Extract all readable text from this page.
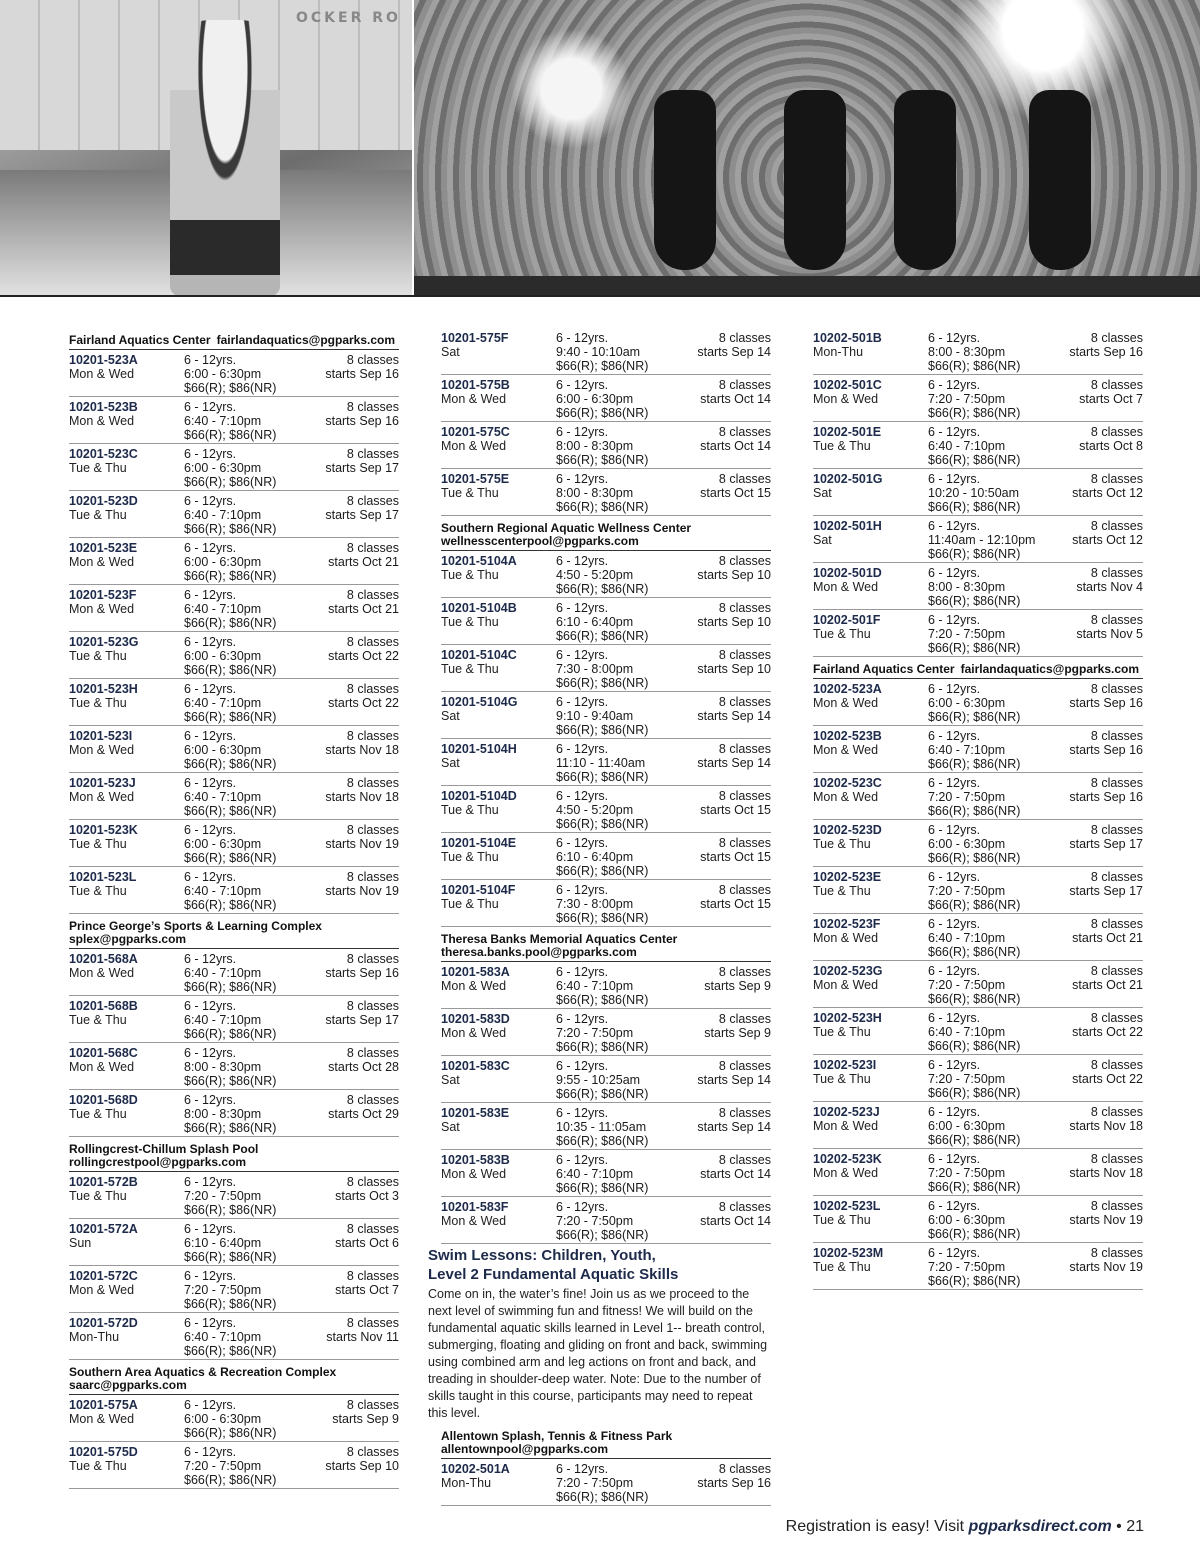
OCKER RO
Fairland Aquatics Center fairlandaquatics@pgparks.com
10201-523A
Mon & Wed
6 - 12yrs.
6:00 - 6:30pm
$66(R); $86(NR)
8 classes
starts Sep 16
10201-523B
Mon & Wed
6 - 12yrs.
6:40 - 7:10pm
$66(R); $86(NR)
8 classes
starts Sep 16
10201-523C
Tue & Thu
6 - 12yrs.
6:00 - 6:30pm
$66(R); $86(NR)
8 classes
starts Sep 17
10201-523D
Tue & Thu
6 - 12yrs.
6:40 - 7:10pm
$66(R); $86(NR)
8 classes
starts Sep 17
10201-523E
Mon & Wed
6 - 12yrs.
6:00 - 6:30pm
$66(R); $86(NR)
8 classes
starts Oct 21
10201-523F
Mon & Wed
6 - 12yrs.
6:40 - 7:10pm
$66(R); $86(NR)
8 classes
starts Oct 21
10201-523G
Tue & Thu
6 - 12yrs.
6:00 - 6:30pm
$66(R); $86(NR)
8 classes
starts Oct 22
10201-523H
Tue & Thu
6 - 12yrs.
6:40 - 7:10pm
$66(R); $86(NR)
8 classes
starts Oct 22
10201-523I
Mon & Wed
6 - 12yrs.
6:00 - 6:30pm
$66(R); $86(NR)
8 classes
starts Nov 18
10201-523J
Mon & Wed
6 - 12yrs.
6:40 - 7:10pm
$66(R); $86(NR)
8 classes
starts Nov 18
10201-523K
Tue & Thu
6 - 12yrs.
6:00 - 6:30pm
$66(R); $86(NR)
8 classes
starts Nov 19
10201-523L
Tue & Thu
6 - 12yrs.
6:40 - 7:10pm
$66(R); $86(NR)
8 classes
starts Nov 19
Prince George’s Sports & Learning Complex
splex@pgparks.com
10201-568A
Mon & Wed
6 - 12yrs.
6:40 - 7:10pm
$66(R); $86(NR)
8 classes
starts Sep 16
10201-568B
Tue & Thu
6 - 12yrs.
6:40 - 7:10pm
$66(R); $86(NR)
8 classes
starts Sep 17
10201-568C
Mon & Wed
6 - 12yrs.
8:00 - 8:30pm
$66(R); $86(NR)
8 classes
starts Oct 28
10201-568D
Tue & Thu
6 - 12yrs.
8:00 - 8:30pm
$66(R); $86(NR)
8 classes
starts Oct 29
Rollingcrest-Chillum Splash Pool
rollingcrestpool@pgparks.com
10201-572B
Tue & Thu
6 - 12yrs.
7:20 - 7:50pm
$66(R); $86(NR)
8 classes
starts Oct 3
10201-572A
Sun
6 - 12yrs.
6:10 - 6:40pm
$66(R); $86(NR)
8 classes
starts Oct 6
10201-572C
Mon & Wed
6 - 12yrs.
7:20 - 7:50pm
$66(R); $86(NR)
8 classes
starts Oct 7
10201-572D
Mon-Thu
6 - 12yrs.
6:40 - 7:10pm
$66(R); $86(NR)
8 classes
starts Nov 11
Southern Area Aquatics & Recreation Complex
saarc@pgparks.com
10201-575A
Mon & Wed
6 - 12yrs.
6:00 - 6:30pm
$66(R); $86(NR)
8 classes
starts Sep 9
10201-575D
Tue & Thu
6 - 12yrs.
7:20 - 7:50pm
$66(R); $86(NR)
8 classes
starts Sep 10
10201-575F
Sat
6 - 12yrs.
9:40 - 10:10am
$66(R); $86(NR)
8 classes
starts Sep 14
10201-575B
Mon & Wed
6 - 12yrs.
6:00 - 6:30pm
$66(R); $86(NR)
8 classes
starts Oct 14
10201-575C
Mon & Wed
6 - 12yrs.
8:00 - 8:30pm
$66(R); $86(NR)
8 classes
starts Oct 14
10201-575E
Tue & Thu
6 - 12yrs.
8:00 - 8:30pm
$66(R); $86(NR)
8 classes
starts Oct 15
Southern Regional Aquatic Wellness Center
wellnesscenterpool@pgparks.com
10201-5104A
Tue & Thu
6 - 12yrs.
4:50 - 5:20pm
$66(R); $86(NR)
8 classes
starts Sep 10
10201-5104B
Tue & Thu
6 - 12yrs.
6:10 - 6:40pm
$66(R); $86(NR)
8 classes
starts Sep 10
10201-5104C
Tue & Thu
6 - 12yrs.
7:30 - 8:00pm
$66(R); $86(NR)
8 classes
starts Sep 10
10201-5104G
Sat
6 - 12yrs.
9:10 - 9:40am
$66(R); $86(NR)
8 classes
starts Sep 14
10201-5104H
Sat
6 - 12yrs.
11:10 - 11:40am
$66(R); $86(NR)
8 classes
starts Sep 14
10201-5104D
Tue & Thu
6 - 12yrs.
4:50 - 5:20pm
$66(R); $86(NR)
8 classes
starts Oct 15
10201-5104E
Tue & Thu
6 - 12yrs.
6:10 - 6:40pm
$66(R); $86(NR)
8 classes
starts Oct 15
10201-5104F
Tue & Thu
6 - 12yrs.
7:30 - 8:00pm
$66(R); $86(NR)
8 classes
starts Oct 15
Theresa Banks Memorial Aquatics Center
theresa.banks.pool@pgparks.com
10201-583A
Mon & Wed
6 - 12yrs.
6:40 - 7:10pm
$66(R); $86(NR)
8 classes
starts Sep 9
10201-583D
Mon & Wed
6 - 12yrs.
7:20 - 7:50pm
$66(R); $86(NR)
8 classes
starts Sep 9
10201-583C
Sat
6 - 12yrs.
9:55 - 10:25am
$66(R); $86(NR)
8 classes
starts Sep 14
10201-583E
Sat
6 - 12yrs.
10:35 - 11:05am
$66(R); $86(NR)
8 classes
starts Sep 14
10201-583B
Mon & Wed
6 - 12yrs.
6:40 - 7:10pm
$66(R); $86(NR)
8 classes
starts Oct 14
10201-583F
Mon & Wed
6 - 12yrs.
7:20 - 7:50pm
$66(R); $86(NR)
8 classes
starts Oct 14
10202-501B
Mon-Thu
6 - 12yrs.
8:00 - 8:30pm
$66(R); $86(NR)
8 classes
starts Sep 16
10202-501C
Mon & Wed
6 - 12yrs.
7:20 - 7:50pm
$66(R); $86(NR)
8 classes
starts Oct 7
10202-501E
Tue & Thu
6 - 12yrs.
6:40 - 7:10pm
$66(R); $86(NR)
8 classes
starts Oct 8
10202-501G
Sat
6 - 12yrs.
10:20 - 10:50am
$66(R); $86(NR)
8 classes
starts Oct 12
10202-501H
Sat
6 - 12yrs.
11:40am - 12:10pm
$66(R); $86(NR)
8 classes
starts Oct 12
10202-501D
Mon & Wed
6 - 12yrs.
8:00 - 8:30pm
$66(R); $86(NR)
8 classes
starts Nov 4
10202-501F
Tue & Thu
6 - 12yrs.
7:20 - 7:50pm
$66(R); $86(NR)
8 classes
starts Nov 5
Fairland Aquatics Center fairlandaquatics@pgparks.com
10202-523A
Mon & Wed
6 - 12yrs.
6:00 - 6:30pm
$66(R); $86(NR)
8 classes
starts Sep 16
10202-523B
Mon & Wed
6 - 12yrs.
6:40 - 7:10pm
$66(R); $86(NR)
8 classes
starts Sep 16
10202-523C
Mon & Wed
6 - 12yrs.
7:20 - 7:50pm
$66(R); $86(NR)
8 classes
starts Sep 16
10202-523D
Tue & Thu
6 - 12yrs.
6:00 - 6:30pm
$66(R); $86(NR)
8 classes
starts Sep 17
10202-523E
Tue & Thu
6 - 12yrs.
7:20 - 7:50pm
$66(R); $86(NR)
8 classes
starts Sep 17
10202-523F
Mon & Wed
6 - 12yrs.
6:40 - 7:10pm
$66(R); $86(NR)
8 classes
starts Oct 21
10202-523G
Mon & Wed
6 - 12yrs.
7:20 - 7:50pm
$66(R); $86(NR)
8 classes
starts Oct 21
10202-523H
Tue & Thu
6 - 12yrs.
6:40 - 7:10pm
$66(R); $86(NR)
8 classes
starts Oct 22
10202-523I
Tue & Thu
6 - 12yrs.
7:20 - 7:50pm
$66(R); $86(NR)
8 classes
starts Oct 22
10202-523J
Mon & Wed
6 - 12yrs.
6:00 - 6:30pm
$66(R); $86(NR)
8 classes
starts Nov 18
10202-523K
Mon & Wed
6 - 12yrs.
7:20 - 7:50pm
$66(R); $86(NR)
8 classes
starts Nov 18
10202-523L
Tue & Thu
6 - 12yrs.
6:00 - 6:30pm
$66(R); $86(NR)
8 classes
starts Nov 19
10202-523M
Tue & Thu
6 - 12yrs.
7:20 - 7:50pm
$66(R); $86(NR)
8 classes
starts Nov 19
Swim Lessons: Children, Youth,
Level 2 Fundamental Aquatic Skills
Come on in, the water’s fine! Join us as we proceed to the next level of swimming fun and fitness! We will build on the fundamental aquatic skills learned in Level 1-- breath control, submerging, floating and gliding on front and back, swimming using combined arm and leg actions on front and back, and treading in shoulder-deep water. Note: Due to the number of skills taught in this course, participants may need to repeat this level.
Allentown Splash, Tennis & Fitness Park
allentownpool@pgparks.com
10202-501A
Mon-Thu
6 - 12yrs.
7:20 - 7:50pm
$66(R); $86(NR)
8 classes
starts Sep 16
Registration is easy! Visit pgparksdirect.com • 21
